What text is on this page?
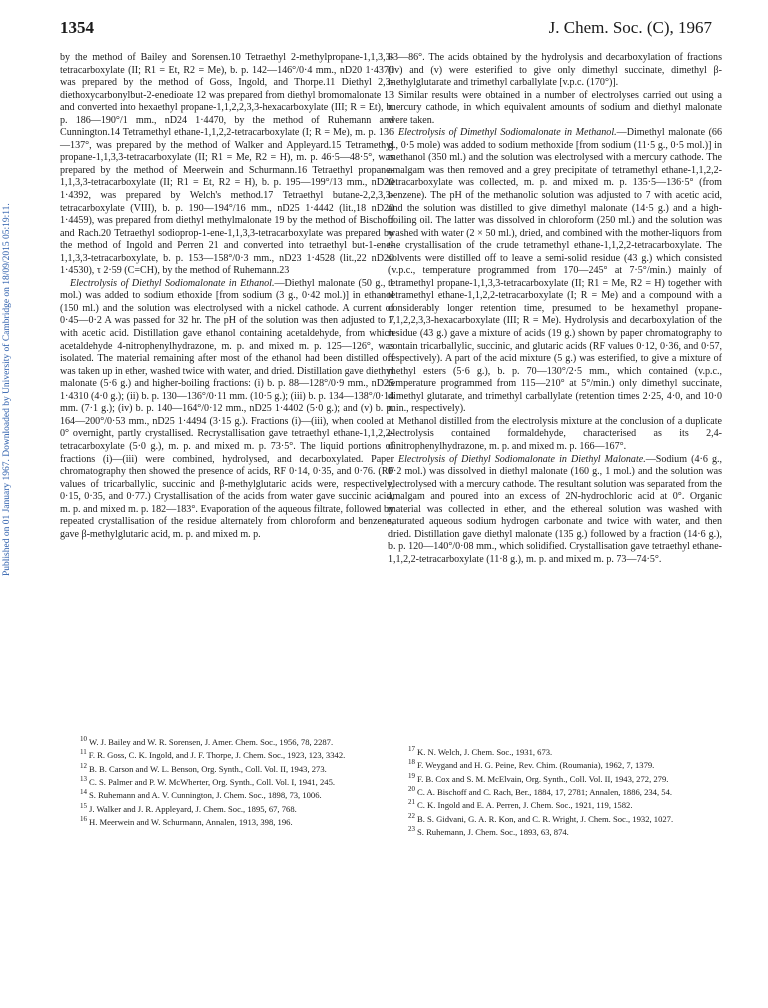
1354	J. Chem. Soc. (C), 1967
Published on 01 January 1967. Downloaded by University of Cambridge on 18/09/2015 05:19:11.

by the method of Bailey and Sorensen.10 Tetraethyl 2-methylpropane-1,1,3,3-tetracarboxylate (II; R1 = Et, R2 = Me), b. p. 142—146°/0·4 mm., nD20 1·4370 was prepared by the method of Goss, Ingold, and Thorpe.11 Diethyl 2,3-diethoxycarbonylbut-2-enedioate 12 was prepared from diethyl bromomalonate 13 and converted into hexaethyl propane-1,1,2,2,3,3-hexacarboxylate (III; R = Et), b. p. 186—190°/1 mm., nD24 1·4470, by the method of Ruhemann and Cunnington.14 Tetramethyl ethane-1,1,2,2-tetracarboxylate (I; R = Me), m. p. 136—137°, was prepared by the method of Walker and Appleyard.15 Tetramethyl propane-1,1,3,3-tetracarboxylate (II; R1 = Me, R2 = H), m. p. 46·5—48·5°, was prepared by the method of Meerwein and Schurmann.16 Tetraethyl propane-1,1,3,3-tetracarboxylate (II; R1 = Et, R2 = H), b. p. 195—199°/13 mm., nD20 1·4392, was prepared by Welch's method.17 Tetraethyl butane-2,2,3,3-tetracarboxylate (VIII), b. p. 190—194°/16 mm., nD25 1·4442 (lit.,18 nD20 1·4459), was prepared from diethyl methylmalonate 19 by the method of Bischoff and Rach.20 Tetraethyl sodioprop-1-ene-1,1,3,3-tetracarboxylate was prepared by the method of Ingold and Perren 21 and converted into tetraethyl but-1-ene-1,1,3,3-tetracarboxylate, b. p. 153—158°/0·3 mm., nD23 1·4528 (lit.,22 nD20 1·4530), τ 2·59 (C=CH), by the method of Ruhemann.23

Electrolysis of Diethyl Sodiomalonate in Ethanol.—Diethyl malonate (50 g., 1 mol.) was added to sodium ethoxide [from sodium (3 g., 0·42 mol.)] in ethanol (150 ml.) and the solution was electrolysed with a nickel cathode. A current of 0·45—0·2 A was passed for 32 hr. The pH of the solution was then adjusted to 7 with acetic acid. Distillation gave ethanol containing acetaldehyde, from which acetaldehyde 4-nitrophenylhydrazone, m. p. and mixed m. p. 125—126°, was isolated. The material remaining after most of the ethanol had been distilled off was taken up in ether, washed twice with water, and dried. Distillation gave diethyl malonate (5·6 g.) and higher-boiling fractions: (i) b. p. 88—128°/0·9 mm., nD25 1·4310 (4·0 g.); (ii) b. p. 130—136°/0·11 mm. (10·5 g.); (iii) b. p. 134—138°/0·14 mm. (7·1 g.); (iv) b. p. 140—164°/0·12 mm., nD25 1·4402 (5·0 g.); and (v) b. p. 164—200°/0·53 mm., nD25 1·4494 (3·15 g.). Fractions (i)—(iii), when cooled at 0° overnight, partly crystallised. Recrystallisation gave tetraethyl ethane-1,1,2,2-tetracarboxylate (5·0 g.), m. p. and mixed m. p. 73·5°. The liquid portions of fractions (i)—(iii) were combined, hydrolysed, and decarboxylated. Paper chromatography then showed the presence of acids, RF 0·14, 0·35, and 0·76. (RF values of tricarballylic, succinic and β-methylglutaric acids were, respectively, 0·15, 0·35, and 0·77.) Crystallisation of the acids from water gave succinic acid, m. p. and mixed m. p. 182—183°. Evaporation of the aqueous filtrate, followed by repeated crystallisation of the residue alternately from chloroform and benzene, gave β-methylglutaric acid, m. p. and mixed m. p.

83—86°. The acids obtained by the hydrolysis and decarboxylation of fractions (iv) and (v) were esterified to give only dimethyl succinate, dimethyl β-methylglutarate and trimethyl carballylate [v.p.c. (170°)].

Similar results were obtained in a number of electrolyses carried out using a mercury cathode, in which equivalent amounts of sodium and diethyl malonate were taken.

Electrolysis of Dimethyl Sodiomalonate in Methanol.—Dimethyl malonate (66 g., 0·5 mole) was added to sodium methoxide [from sodium (11·5 g., 0·5 mol.)] in methanol (350 ml.) and the solution was electrolysed with a mercury cathode. The amalgam was then removed and a grey precipitate of tetramethyl ethane-1,1,2,2-tetracarboxylate was collected, m. p. and mixed m. p. 135·5—136·5° (from benzene). The pH of the methanolic solution was adjusted to 7 with acetic acid, and the solution was distilled to give dimethyl malonate (14·5 g.) and a high-boiling oil. The latter was dissolved in chloroform (250 ml.) and the solution was washed with water (2 × 50 ml.), dried, and combined with the mother-liquors from the crystallisation of the crude tetramethyl ethane-1,1,2,2-tetracarboxylate. The solvents were distilled off to leave a semi-solid residue (43 g.) which consisted (v.p.c., temperature programmed from 170—245° at 7·5°/min.) mainly of tetramethyl propane-1,1,3,3-tetracarboxylate (II; R1 = Me, R2 = H) together with tetramethyl ethane-1,1,2,2-tetracarboxylate (I; R = Me) and a compound with a considerably longer retention time, presumed to be hexamethyl propane-1,1,2,2,3,3-hexacarboxylate (III; R = Me). Hydrolysis and decarboxylation of the residue (43 g.) gave a mixture of acids (19 g.) shown by paper chromatography to contain tricarballylic, succinic, and glutaric acids (RF values 0·12, 0·36, and 0·57, respectively). A part of the acid mixture (5 g.) was esterified, to give a mixture of methyl esters (5·6 g.), b. p. 70—130°/2·5 mm., which contained (v.p.c., temperature programmed from 115—210° at 5°/min.) only dimethyl succinate, dimethyl glutarate, and trimethyl carballylate (retention times 2·25, 4·0, and 10·0 min., respectively).

Methanol distilled from the electrolysis mixture at the conclusion of a duplicate electrolysis contained formaldehyde, characterised as its 2,4-dinitrophenylhydrazone, m. p. and mixed m. p. 166—167°.

Electrolysis of Diethyl Sodiomalonate in Diethyl Malonate.—Sodium (4·6 g., 0·2 mol.) was dissolved in diethyl malonate (160 g., 1 mol.) and the solution was electrolysed with a mercury cathode. The resultant solution was separated from the amalgam and poured into an excess of 2N-hydrochloric acid at 0°. Organic material was collected in ether, and the ethereal solution was washed with saturated aqueous sodium hydrogen carbonate and twice with water, and then dried. Distillation gave diethyl malonate (135 g.) followed by a fraction (14·6 g.), b. p. 120—140°/0·08 mm., which solidified. Crystallisation gave tetraethyl ethane-1,1,2,2-tetracarboxylate (11·8 g.), m. p. and mixed m. p. 73—74·5°.

$^{10}$ W. J. Bailey and W. R. Sorensen, J. Amer. Chem. Soc., 1956, 78, 2287.

$^{11}$ F. R. Goss, C. K. Ingold, and J. F. Thorpe, J. Chem. Soc., 1923, 123, 3342.

$^{12}$ B. B. Carson and W. L. Benson, Org. Synth., Coll. Vol. II, 1943, 273.

$^{13}$ C. S. Palmer and P. W. McWherter, Org. Synth., Coll. Vol. I, 1941, 245.

$^{14}$ S. Ruhemann and A. V. Cunnington, J. Chem. Soc., 1898, 73, 1006.

$^{15}$ J. Walker and J. R. Appleyard, J. Chem. Soc., 1895, 67, 768.

$^{16}$ H. Meerwein and W. Schurmann, Annalen, 1913, 398, 196.

$^{17}$ K. N. Welch, J. Chem. Soc., 1931, 673.

$^{18}$ F. Weygand and H. G. Peine, Rev. Chim. (Roumania), 1962, 7, 1379.

$^{19}$ F. B. Cox and S. M. McElvain, Org. Synth., Coll. Vol. II, 1943, 272, 279.

$^{20}$ C. A. Bischoff and C. Rach, Ber., 1884, 17, 2781; Annalen, 1886, 234, 54.

$^{21}$ C. K. Ingold and E. A. Perren, J. Chem. Soc., 1921, 119, 1582.

$^{22}$ B. S. Gidvani, G. A. R. Kon, and C. R. Wright, J. Chem. Soc., 1932, 1027.

$^{23}$ S. Ruhemann, J. Chem. Soc., 1893, 63, 874.
